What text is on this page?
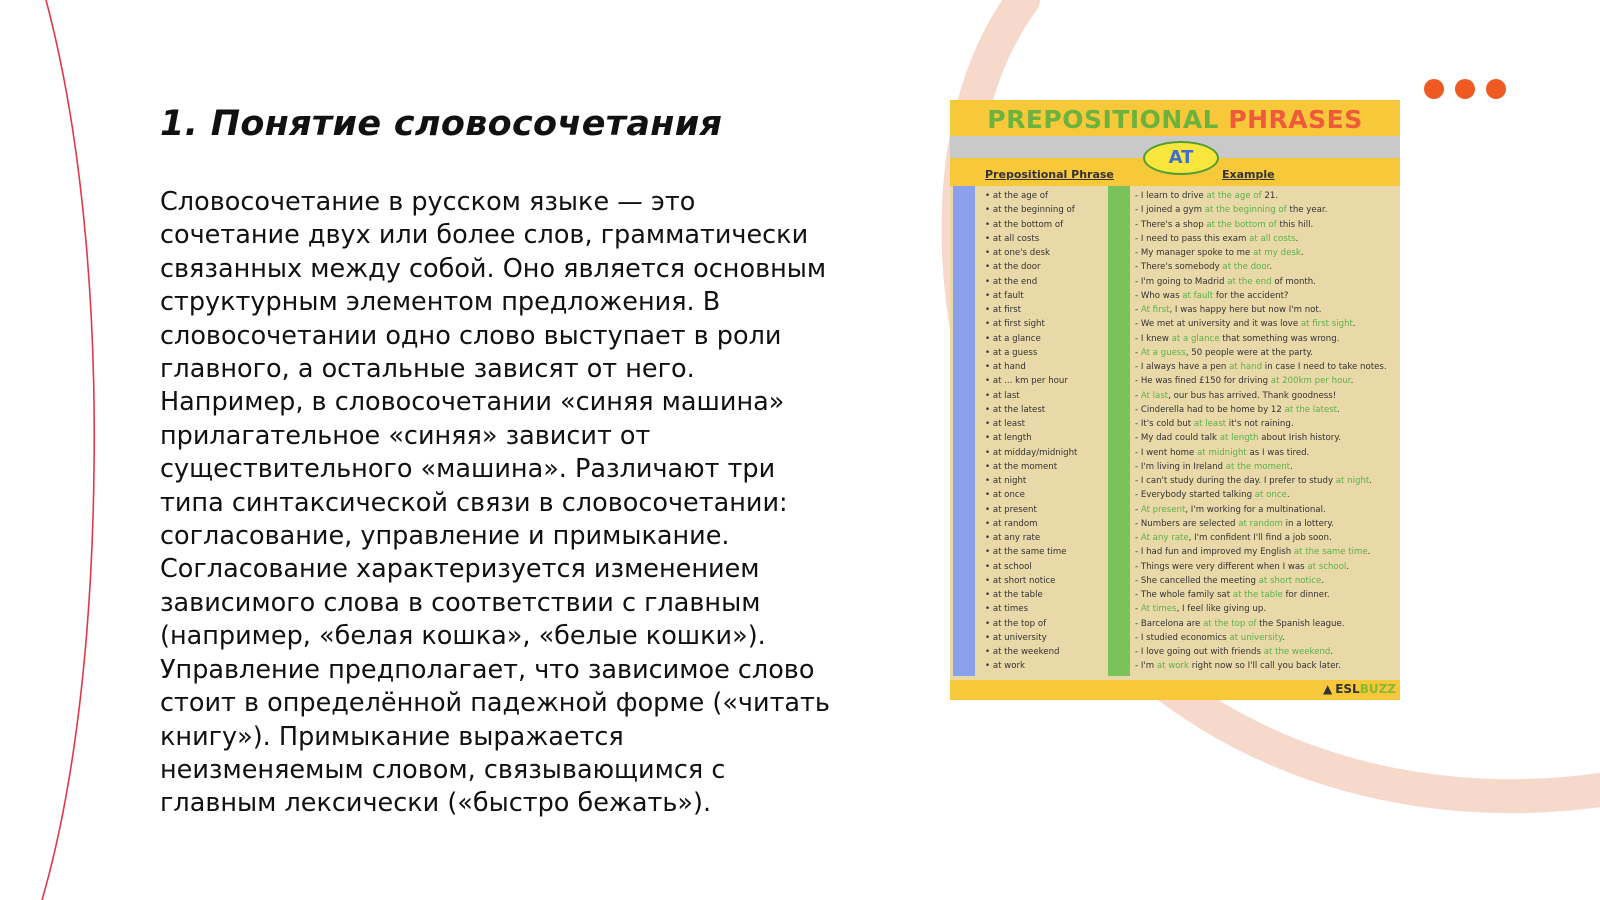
1. Понятие словосочетания
Словосочетание в русском языке — это
сочетание двух или более слов, грамматически
связанных между собой. Оно является основным
структурным элементом предложения. В
словосочетании одно слово выступает в роли
главного, а остальные зависят от него.
Например, в словосочетании «синяя машина»
прилагательное «синяя» зависит от
существительного «машина». Различают три
типа синтаксической связи в словосочетании:
согласование, управление и примыкание.
Согласование характеризуется изменением
зависимого слова в соответствии с главным
(например, «белая кошка», «белые кошки»).
Управление предполагает, что зависимое слово
стоит в определённой падежной форме («читать
книгу»). Примыкание выражается
неизменяемым словом, связывающимся с
главным лексически («быстро бежать»).
PREPOSITIONAL PHRASES
AT
Prepositional Phrase	Example
• at the age of	- I learn to drive at the age of 21.
• at the beginning of	- I joined a gym at the beginning of the year.
• at the bottom of	- There's a shop at the bottom of this hill.
• at all costs	- I need to pass this exam at all costs.
• at one's desk	- My manager spoke to me at my desk.
• at the door	- There's somebody at the door.
• at the end	- I'm going to Madrid at the end of month.
• at fault	- Who was at fault for the accident?
• at first	- At first, I was happy here but now I'm not.
• at first sight	- We met at university and it was love at first sight.
• at a glance	- I knew at a glance that something was wrong.
• at a guess	- At a guess, 50 people were at the party.
• at hand	- I always have a pen at hand in case I need to take notes.
• at ... km per hour	- He was fined £150 for driving at 200km per hour.
• at last	- At last, our bus has arrived. Thank goodness!
• at the latest	- Cinderella had to be home by 12 at the latest.
• at least	- It's cold but at least it's not raining.
• at length	- My dad could talk at length about Irish history.
• at midday/midnight	- I went home at midnight as I was tired.
• at the moment	- I'm living in Ireland at the moment.
• at night	- I can't study during the day. I prefer to study at night.
• at once	- Everybody started talking at once.
• at present	- At present, I'm working for a multinational.
• at random	- Numbers are selected at random in a lottery.
• at any rate	- At any rate, I'm confident I'll find a job soon.
• at the same time	- I had fun and improved my English at the same time.
• at school	- Things were very different when I was at school.
• at short notice	- She cancelled the meeting at short notice.
• at the table	- The whole family sat at the table for dinner.
• at times	- At times, I feel like giving up.
• at the top of	- Barcelona are at the top of the Spanish league.
• at university	- I studied economics at university.
• at the weekend	- I love going out with friends at the weekend.
• at work	- I'm at work right now so I'll call you back later.
▲ ESLBUZZ
